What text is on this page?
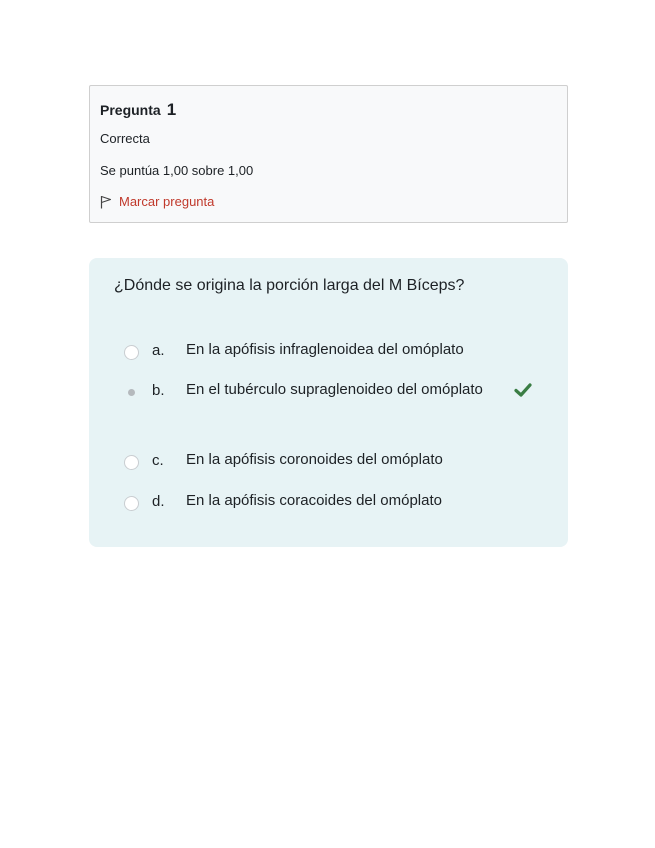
Pregunta 1
Correcta
Se puntúa 1,00 sobre 1,00
Marcar pregunta
¿Dónde se origina la porción larga del M Bíceps?
a. En la apófisis infraglenoidea del omóplato
b. En el tubérculo supraglenoideo del omóplato
c. En la apófisis coronoides del omóplato
d. En la apófisis coracoides del omóplato
